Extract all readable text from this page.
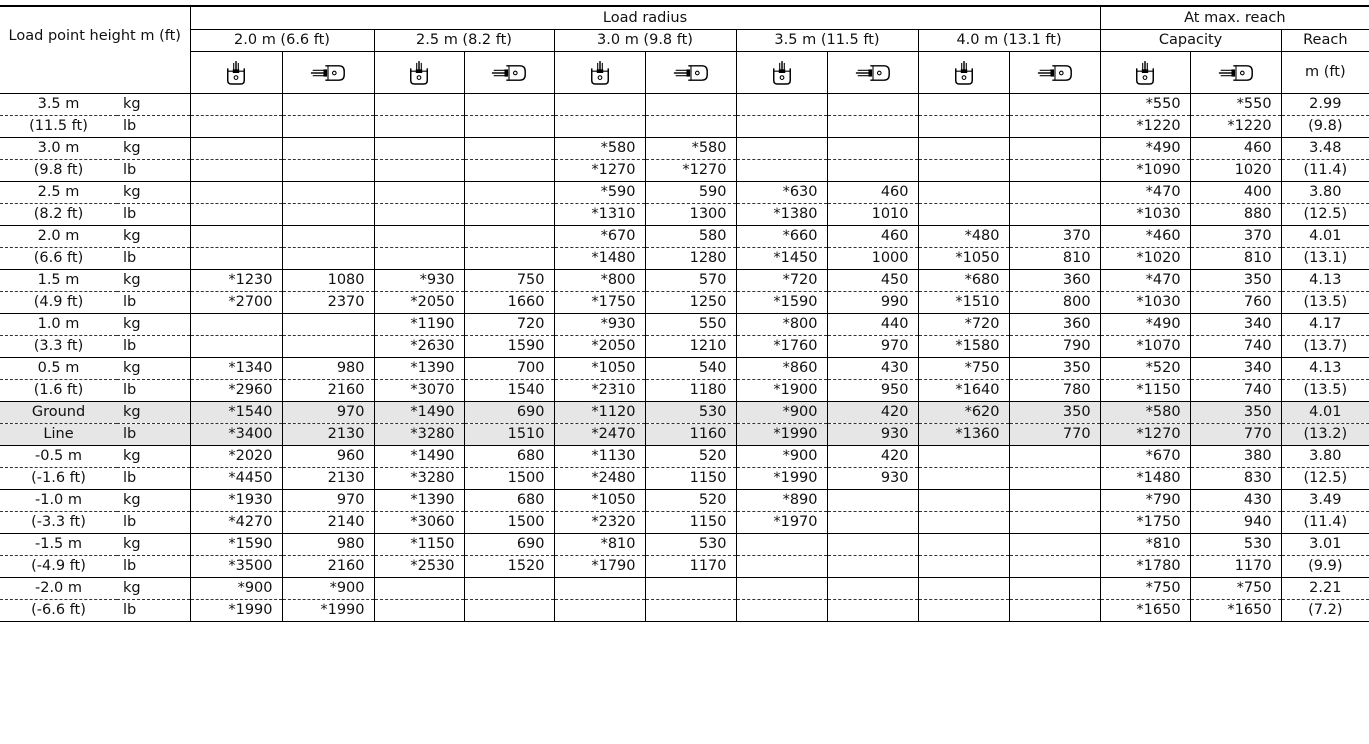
Load point height m (ft)		Load radius										At max. reach		
		2.0 m (6.6 ft)		2.5 m (8.2 ft)		3.0 m (9.8 ft)		3.5 m (11.5 ft)		4.0 m (13.1 ft)		Capacity		Reach

	m (ft)
3.5 m	kg											*550	*550	2.99
(11.5 ft)	lb											*1220	*1220	(9.8)
3.0 m	kg					*580	*580					*490	460	3.48
(9.8 ft)	lb					*1270	*1270					*1090	1020	(11.4)
2.5 m	kg					*590	590	*630	460			*470	400	3.80
(8.2 ft)	lb					*1310	1300	*1380	1010			*1030	880	(12.5)
2.0 m	kg					*670	580	*660	460	*480	370	*460	370	4.01
(6.6 ft)	lb					*1480	1280	*1450	1000	*1050	810	*1020	810	(13.1)
1.5 m	kg	*1230	1080	*930	750	*800	570	*720	450	*680	360	*470	350	4.13
(4.9 ft)	lb	*2700	2370	*2050	1660	*1750	1250	*1590	990	*1510	800	*1030	760	(13.5)
1.0 m	kg			*1190	720	*930	550	*800	440	*720	360	*490	340	4.17
(3.3 ft)	lb			*2630	1590	*2050	1210	*1760	970	*1580	790	*1070	740	(13.7)
0.5 m	kg	*1340	980	*1390	700	*1050	540	*860	430	*750	350	*520	340	4.13
(1.6 ft)	lb	*2960	2160	*3070	1540	*2310	1180	*1900	950	*1640	780	*1150	740	(13.5)
Ground	kg	*1540	970	*1490	690	*1120	530	*900	420	*620	350	*580	350	4.01
Line	lb	*3400	2130	*3280	1510	*2470	1160	*1990	930	*1360	770	*1270	770	(13.2)
-0.5 m	kg	*2020	960	*1490	680	*1130	520	*900	420			*670	380	3.80
(-1.6 ft)	lb	*4450	2130	*3280	1500	*2480	1150	*1990	930			*1480	830	(12.5)
-1.0 m	kg	*1930	970	*1390	680	*1050	520	*890				*790	430	3.49
(-3.3 ft)	lb	*4270	2140	*3060	1500	*2320	1150	*1970				*1750	940	(11.4)
-1.5 m	kg	*1590	980	*1150	690	*810	530					*810	530	3.01
(-4.9 ft)	lb	*3500	2160	*2530	1520	*1790	1170					*1780	1170	(9.9)
-2.0 m	kg	*900	*900									*750	*750	2.21
(-6.6 ft)	lb	*1990	*1990									*1650	*1650	(7.2)
